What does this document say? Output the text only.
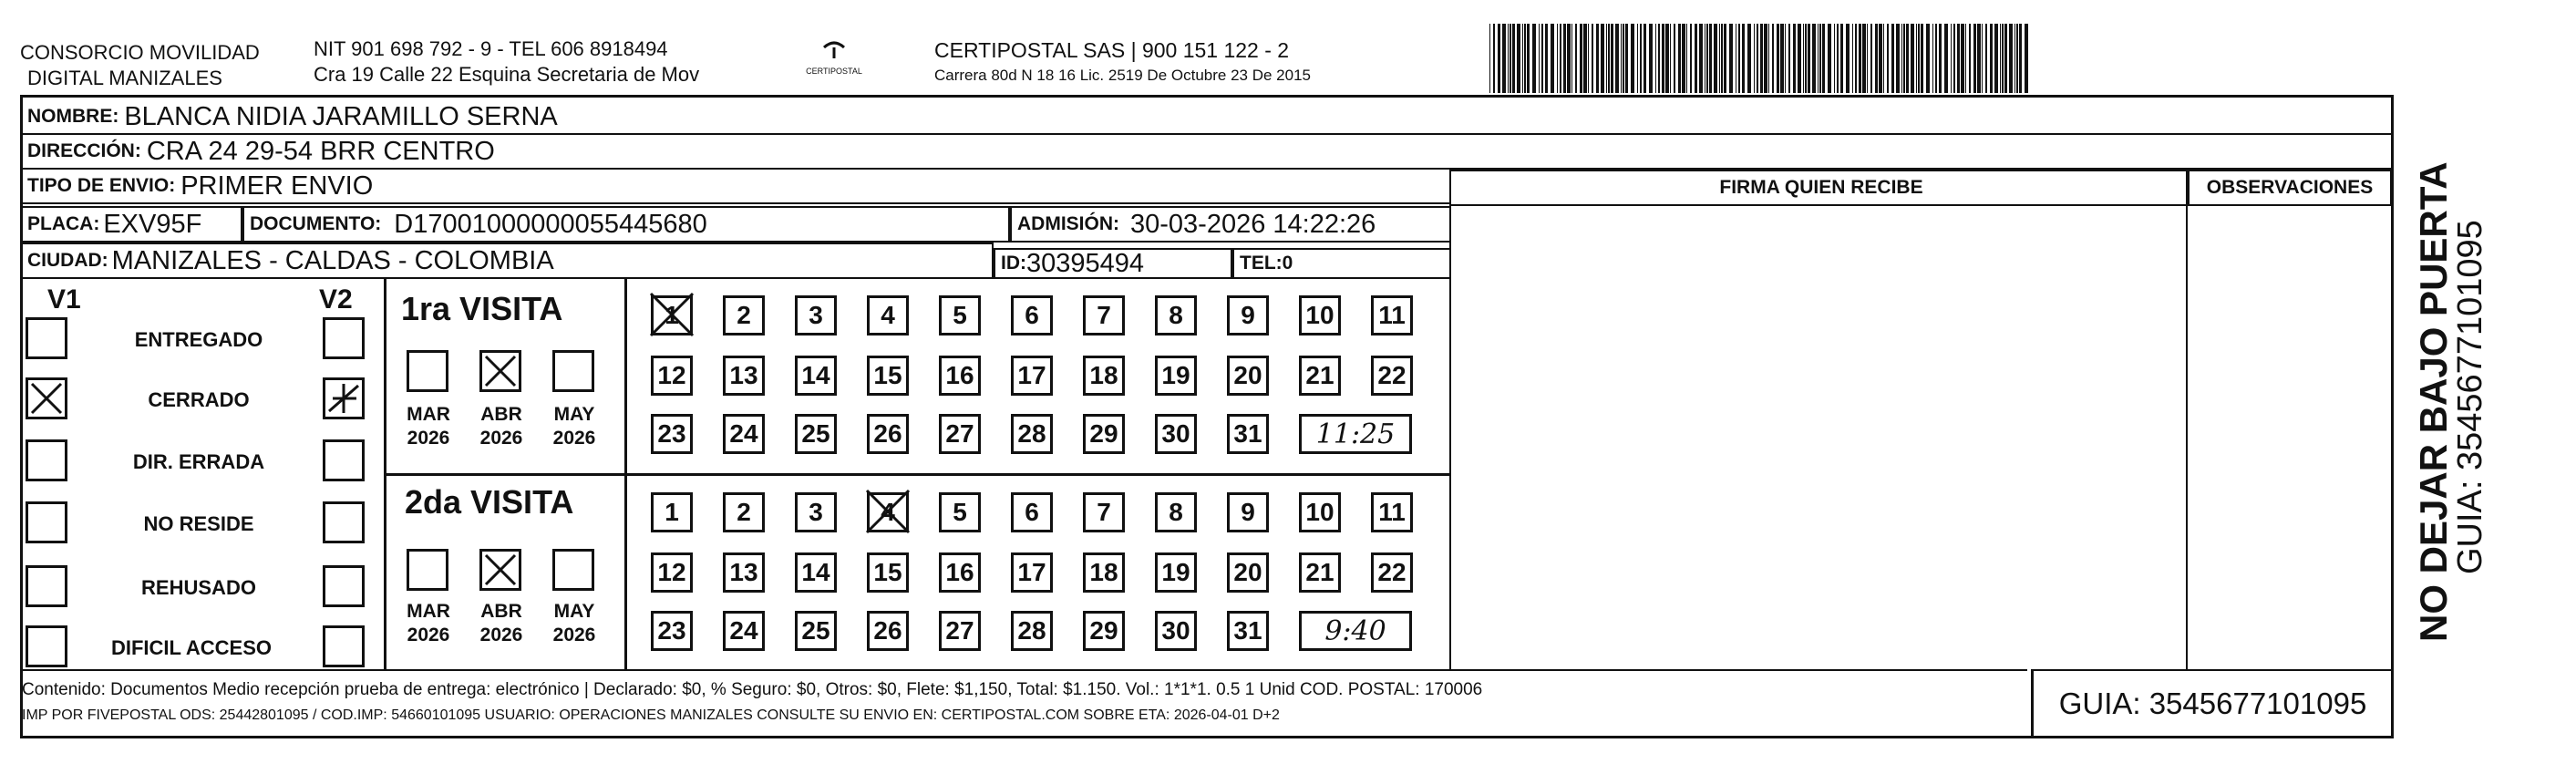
CONSORCIO MOVILIDAD
DIGITAL MANIZALES
NIT 901 698 792 - 9 - TEL 606 8918494
Cra 19 Calle 22 Esquina Secretaria de Mov	CERTIPOSTAL
CERTIPOSTAL SAS | 900 151 122 - 2
Carrera 80d N 18 16 Lic. 2519 De Octubre 23 De 2015
NOMBRE: BLANCA NIDIA JARAMILLO SERNA
DIRECCIÓN: CRA 24 29-54 BRR CENTRO
TIPO DE ENVIO: PRIMER ENVIO
PLACA: EXV95F	DOCUMENTO: D17001000000055445680	ADMISIÓN: 30-03-2026 14:22:26
CIUDAD: MANIZALES - CALDAS - COLOMBIA	ID: 30395494	TEL: 0
FIRMA QUIEN RECIBE	OBSERVACIONES
V1	V2
ENTREGADO
CERRADO
DIR. ERRADA
NO RESIDE
REHUSADO
DIFICIL ACCESO
1ra VISITA
MAR
2026
ABR
2026
MAY
2026
1	2	3	4	5	6	7	8	9	10 11
12 13 14 15 16 17 18 19 20 21 22
23 24 25 26 27 28 29 30 31 11:25
2da VISITA
MAR
2026
ABR
2026
MAY
2026
1	2	3	4	5	6	7	8	9	10 11
12 13 14 15 16 17 18 19 20 21 22
23 24 25 26 27 28 29 30 31 9:40
Contenido: Documentos Medio recepción prueba de entrega: electrónico | Declarado: $0, % Seguro: $0, Otros: $0, Flete: $1,150, Total: $1.150. Vol.: 1*1*1. 0.5 1 Unid COD. POSTAL: 170006
IMP POR FIVEPOSTAL ODS: 25442801095 / COD.IMP: 54660101095 USUARIO: OPERACIONES MANIZALES CONSULTE SU ENVIO EN: CERTIPOSTAL.COM SOBRE ETA: 2026-04-01 D+2	GUIA: 3545677101095
NO DEJAR BAJO PUERTA
GUIA: 3545677101095
